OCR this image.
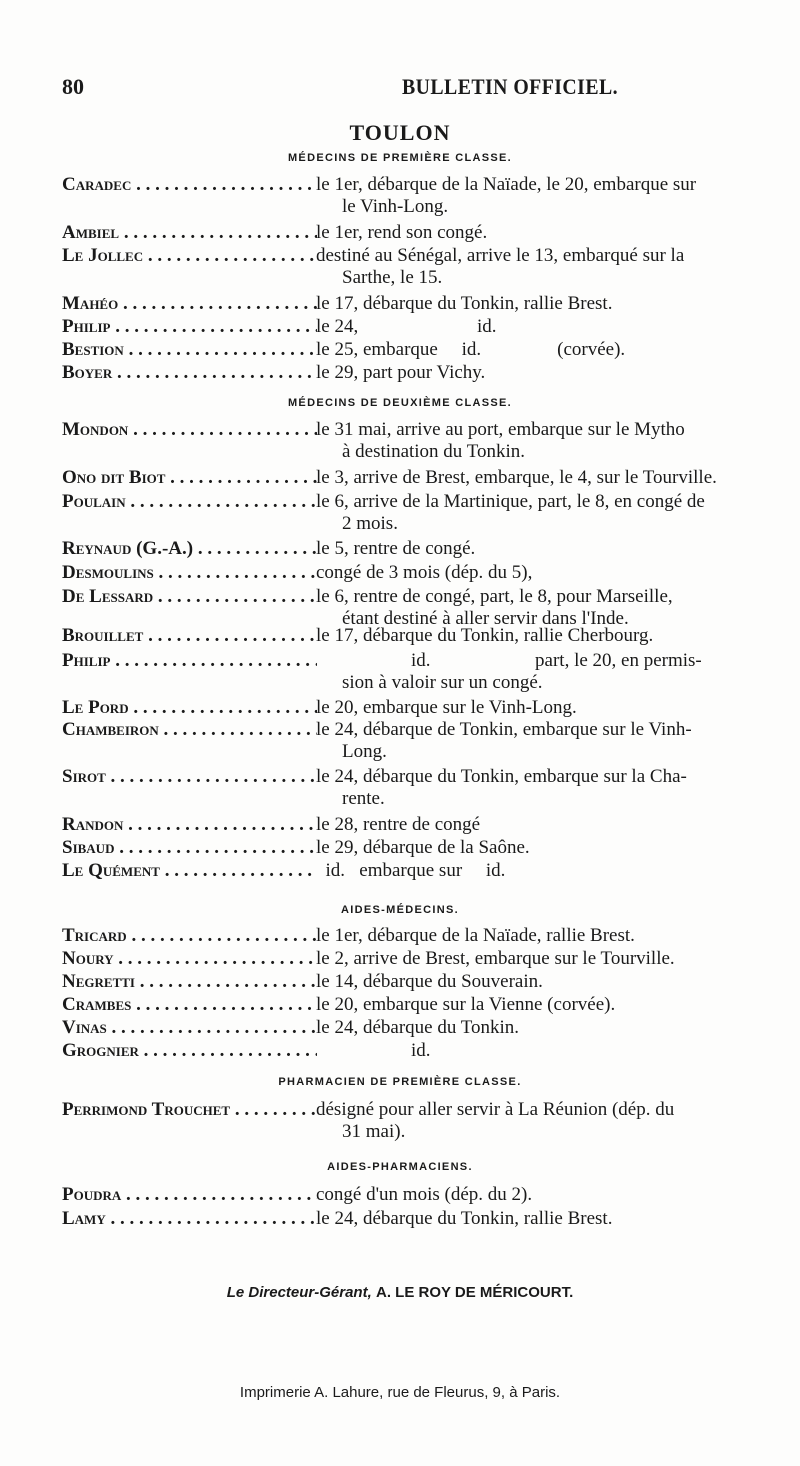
80	BULLETIN OFFICIEL.
TOULON
MÉDECINS DE PREMIÈRE CLASSE.
Caradec . . .	le 1er, débarque de la Naïade, le 20, embarque sur
le Vinh-Long.
Ambiel . . .	le 1er, rend son congé.
Le Jollec . . .	destiné au Sénégal, arrive le 13, embarqué sur la
Sarthe, le 15.
Mahéo . . .	le 17, débarque du Tonkin, rallie Brest.
Philip . . .	le 24,                         id.
Bestion . . .	le 25, embarque     id.                (corvée).
Boyer . . .	le 29, part pour Vichy.
MÉDECINS DE DEUXIÈME CLASSE.
Mondon . . .	le 31 mai, arrive au port, embarque sur le Mytho
à destination du Tonkin.
Ono dit Biot . . .	le 3, arrive de Brest, embarque, le 4, sur le Tourville.
Poulain . . .	le 6, arrive de la Martinique, part, le 8, en congé de
2 mois.
Reynaud (G.-A.) . . .	le 5, rentre de congé.
Desmoulins . . .	congé de 3 mois (dép. du 5),
De Lessard . . .	le 6, rentre de congé, part, le 8, pour Marseille,
étant destiné à aller servir dans l'Inde.
Brouillet . . .	le 17, débarque du Tonkin, rallie Cherbourg.
Philip . . .	id.                      part, le 20, en permis-
sion à valoir sur un congé.
Le Pord . . .	le 20, embarque sur le Vinh-Long.
Chambeiron . . .	le 24, débarque de Tonkin, embarque sur le Vinh-
Long.
Sirot . . .	le 24, débarque du Tonkin, embarque sur la Cha-
rente.
Randon . . .	le 28, rentre de congé
Sibaud . . .	le 29, débarque de la Saône.
Le Quément . . .	id.   embarque sur     id.
AIDES-MÉDECINS.
Tricard . . .	le 1er, débarque de la Naïade, rallie Brest.
Noury . . .	le 2, arrive de Brest, embarque sur le Tourville.
Negretti . . .	le 14, débarque du Souverain.
Crambes . . .	le 20, embarque sur la Vienne (corvée).
Vinas . . .	le 24, débarque du Tonkin.
Grognier . . .	id.
PHARMACIEN DE PREMIÈRE CLASSE.
Perrimond Trouchet . . .	désigné pour aller servir à La Réunion (dép. du
31 mai).
AIDES-PHARMACIENS.
Poudra . . .	congé d'un mois (dép. du 2).
Lamy . . .	le 24, débarque du Tonkin, rallie Brest.
Le Directeur-Gérant, A. LE ROY DE MÉRICOURT.
Imprimerie A. Lahure, rue de Fleurus, 9, à Paris.
